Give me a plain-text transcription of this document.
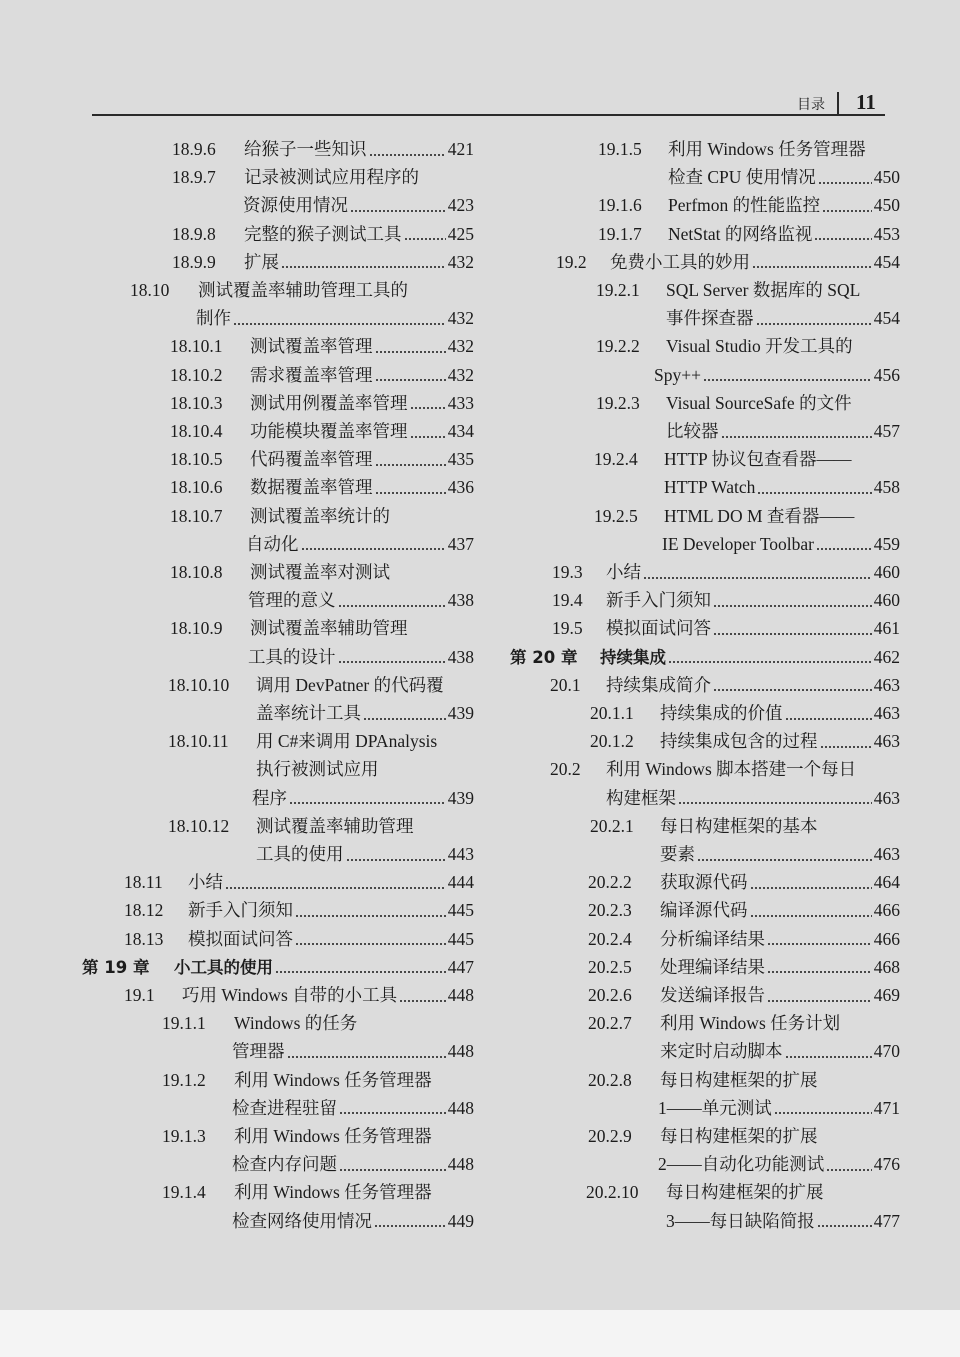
目录 11
18.9.6	给猴子一些知识	421
18.9.7	记录被测试应用程序的
资源使用情况	423
18.9.8	完整的猴子测试工具	425
18.9.9	扩展	432
18.10	测试覆盖率辅助管理工具的
制作	432
18.10.1	测试覆盖率管理	432
18.10.2	需求覆盖率管理	432
18.10.3	测试用例覆盖率管理 433
18.10.4	功能模块覆盖率管理 434
18.10.5	代码覆盖率管理	435
18.10.6	数据覆盖率管理	436
18.10.7	测试覆盖率统计的
自动化	437
18.10.8	测试覆盖率对测试
管理的意义	438
18.10.9	测试覆盖率辅助管理
工具的设计	438
18.10.10	调用 DevPatner 的代码覆
盖率统计工具	439
18.10.11	用 C#来调用 DPAnalysis
执行被测试应用
程序	439
18.10.12	测试覆盖率辅助管理
工具的使用	443
18.11	小结	444
18.12	新手入门须知	445
18.13	模拟面试问答	445
第 19 章	小工具的使用	447
19.1	巧用 Windows 自带的小工具	448
19.1.1	Windows 的任务
管理器	448
19.1.2	利用 Windows 任务管理器
检查进程驻留	448
19.1.3	利用 Windows 任务管理器
检查内存问题	448
19.1.4	利用 Windows 任务管理器
检查网络使用情况	449
19.1.5	利用 Windows 任务管理器
检查 CPU 使用情况	450
19.1.6	Perfmon 的性能监控	450
19.1.7	NetStat 的网络监视	453
19.2	免费小工具的妙用	454
19.2.1	SQL Server 数据库的 SQL
事件探查器	454
19.2.2	Visual Studio 开发工具的
Spy++	456
19.2.3	Visual SourceSafe 的文件
比较器	457
19.2.4	HTTP 协议包查看器——
HTTP Watch	458
19.2.5	HTML DO M 查看器——
IE Developer Toolbar	459
19.3	小结	460
19.4	新手入门须知	460
19.5	模拟面试问答	461
第 20 章	持续集成	462
20.1	持续集成简介	463
20.1.1	持续集成的价值	463
20.1.2	持续集成包含的过程	463
20.2	利用 Windows 脚本搭建一个每日
构建框架	463
20.2.1	每日构建框架的基本
要素	463
20.2.2	获取源代码	464
20.2.3	编译源代码	466
20.2.4	分析编译结果	466
20.2.5	处理编译结果	468
20.2.6	发送编译报告	469
20.2.7	利用 Windows 任务计划
来定时启动脚本	470
20.2.8	每日构建框架的扩展
1——单元测试	471
20.2.9	每日构建框架的扩展
2——自动化功能测试	476
20.2.10	每日构建框架的扩展
3——每日缺陷简报	477
